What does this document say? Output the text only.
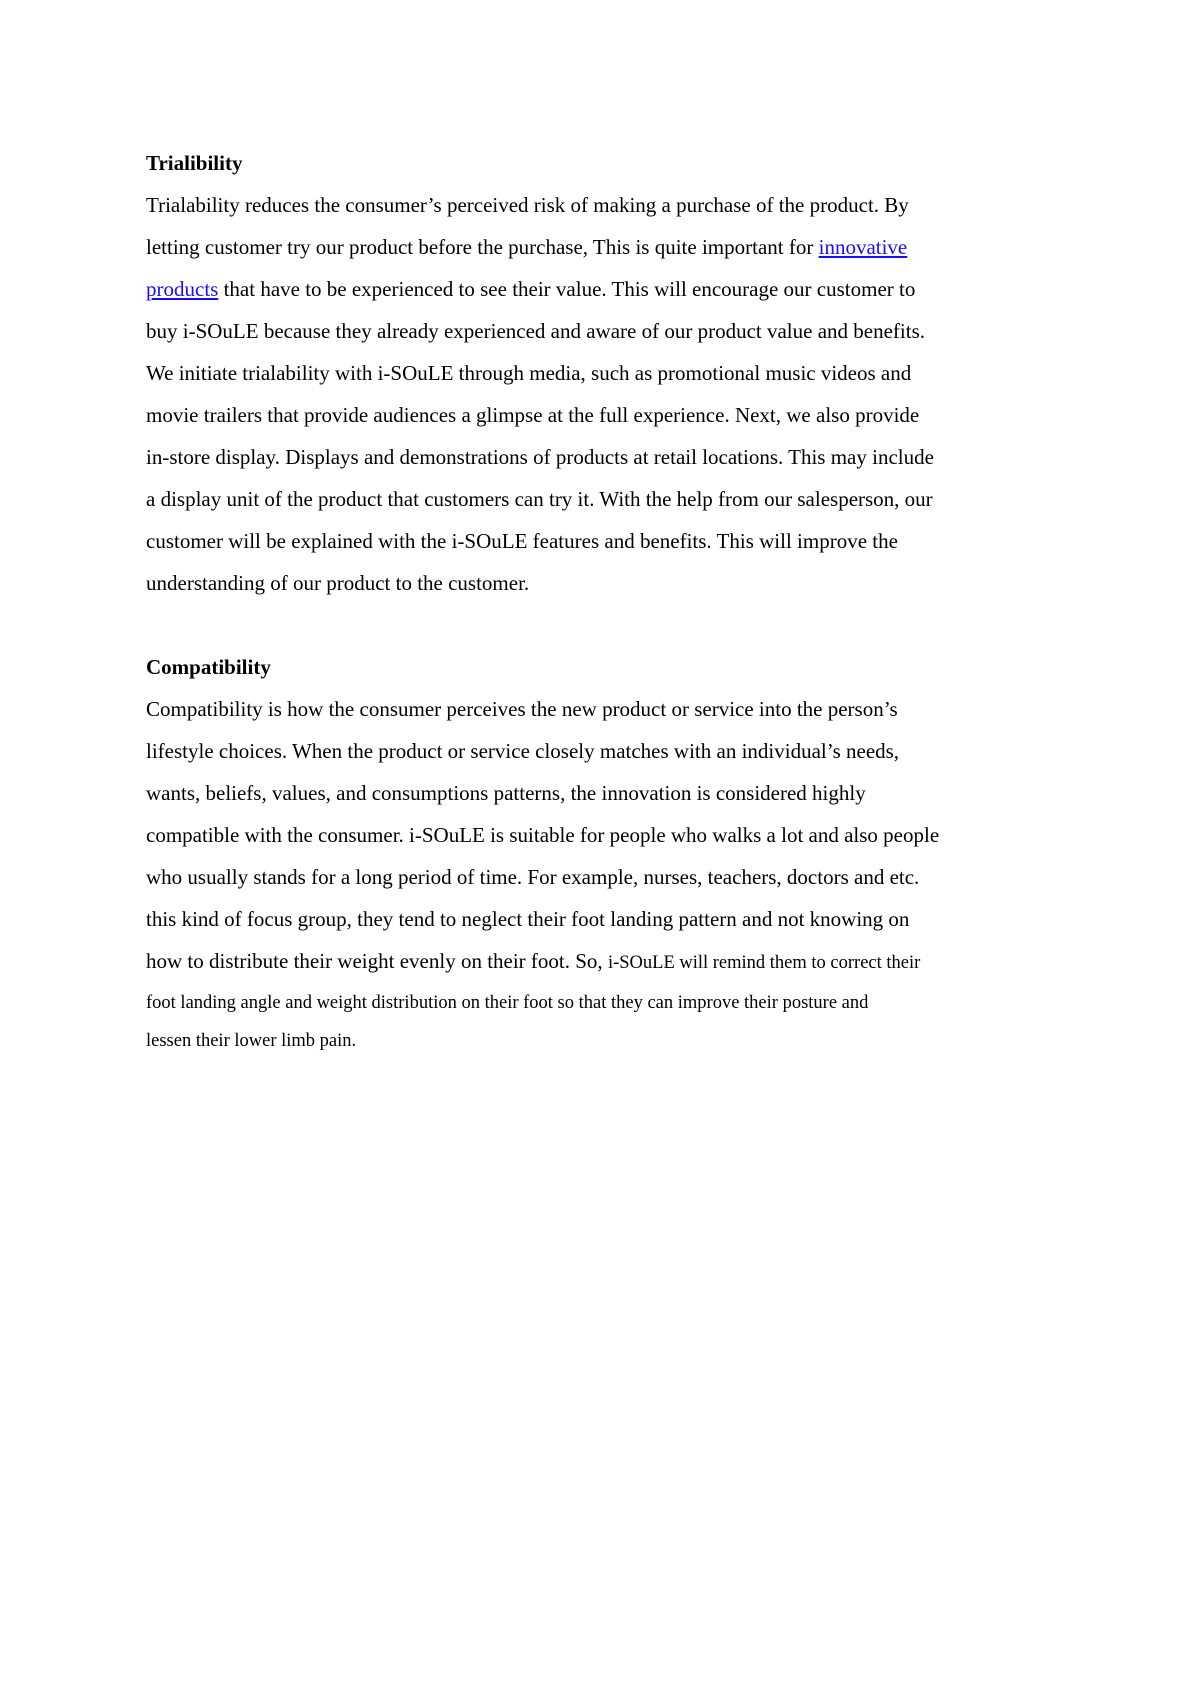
Trialibility

Trialability reduces the consumer’s perceived risk of making a purchase of the product. By
letting customer try our product before the purchase, This is quite important for innovative
products that have to be experienced to see their value. This will encourage our customer to
buy i-SOuLE because they already experienced and aware of our product value and benefits.
We initiate trialability with i-SOuLE through media, such as promotional music videos and
movie trailers that provide audiences a glimpse at the full experience. Next, we also provide
in-store display. Displays and demonstrations of products at retail locations. This may include
a display unit of the product that customers can try it. With the help from our salesperson, our
customer will be explained with the i-SOuLE features and benefits. This will improve the
understanding of our product to the customer.

Compatibility

Compatibility is how the consumer perceives the new product or service into the person’s
lifestyle choices. When the product or service closely matches with an individual’s needs,
wants, beliefs, values, and consumptions patterns, the innovation is considered highly
compatible with the consumer. i-SOuLE is suitable for people who walks a lot and also people
who usually stands for a long period of time. For example, nurses, teachers, doctors and etc.
this kind of focus group, they tend to neglect their foot landing pattern and not knowing on
how to distribute their weight evenly on their foot. So, i-SOuLE will remind them to correct their
foot landing angle and weight distribution on their foot so that they can improve their posture and
lessen their lower limb pain.
